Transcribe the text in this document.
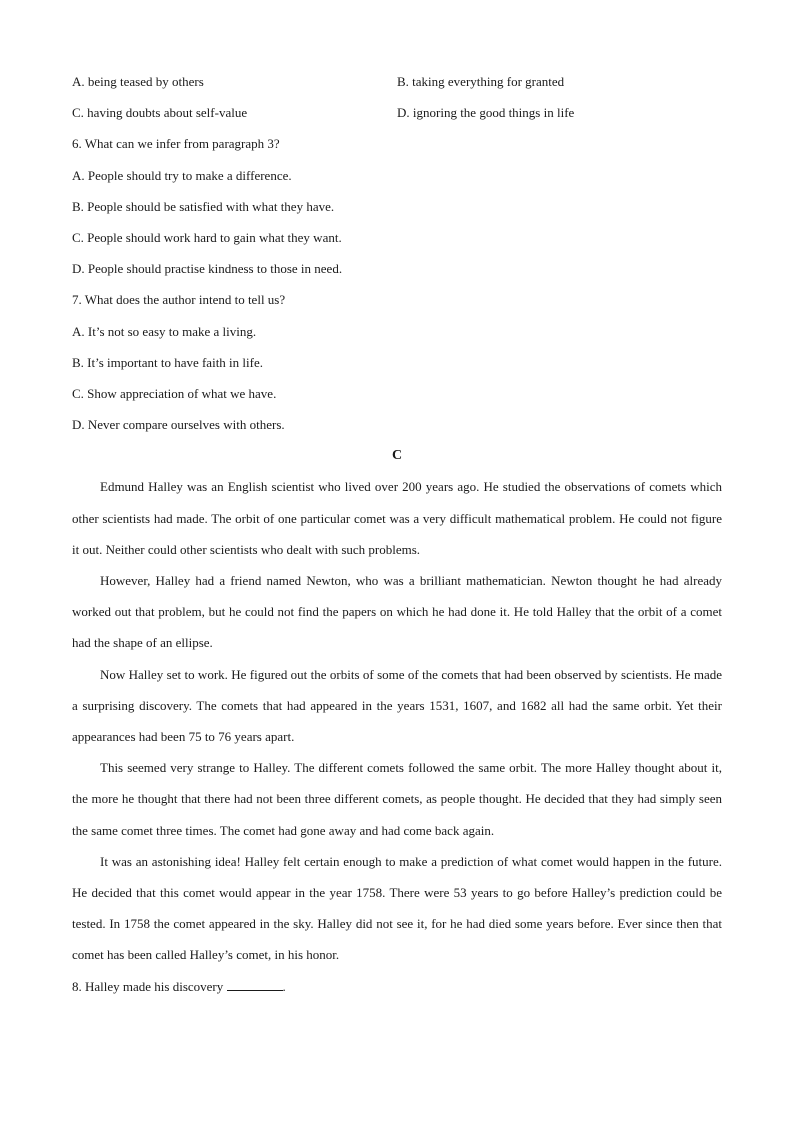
A. being teased by others	B. taking everything for granted
C. having doubts about self-value	D. ignoring the good things in life
6. What can we infer from paragraph 3?
A. People should try to make a difference.
B. People should be satisfied with what they have.
C. People should work hard to gain what they want.
D. People should practise kindness to those in need.
7. What does the author intend to tell us?
A. It’s not so easy to make a living.
B. It’s important to have faith in life.
C. Show appreciation of what we have.
D. Never compare ourselves with others.
C

Edmund Halley was an English scientist who lived over 200 years ago. He studied the observations of comets which other scientists had made. The orbit of one particular comet was a very difficult mathematical problem. He could not figure it out. Neither could other scientists who dealt with such problems.

However, Halley had a friend named Newton, who was a brilliant mathematician. Newton thought he had already worked out that problem, but he could not find the papers on which he had done it. He told Halley that the orbit of a comet had the shape of an ellipse.

Now Halley set to work. He figured out the orbits of some of the comets that had been observed by scientists. He made a surprising discovery. The comets that had appeared in the years 1531, 1607, and 1682 all had the same orbit. Yet their appearances had been 75 to 76 years apart.

This seemed very strange to Halley. The different comets followed the same orbit. The more Halley thought about it, the more he thought that there had not been three different comets, as people thought. He decided that they had simply seen the same comet three times. The comet had gone away and had come back again.

It was an astonishing idea! Halley felt certain enough to make a prediction of what comet would happen in the future. He decided that this comet would appear in the year 1758. There were 53 years to go before Halley’s prediction could be tested. In 1758 the comet appeared in the sky. Halley did not see it, for he had died some years before. Ever since then that comet has been called Halley’s comet, in his honor.

8. Halley made his discovery	.
